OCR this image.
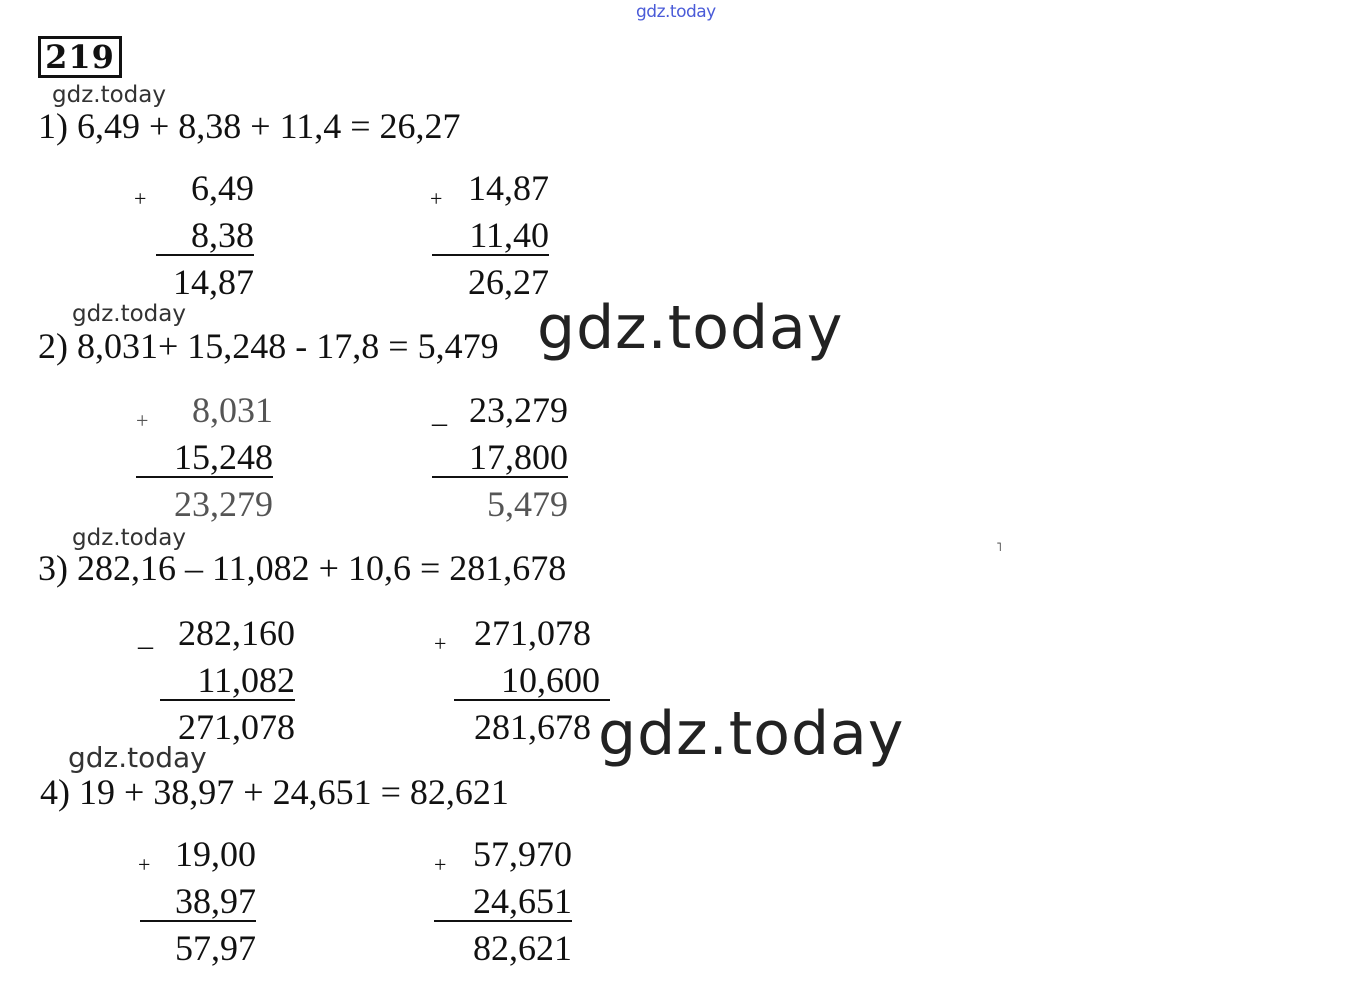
gdz.today
219
gdz.today
gdz.today
gdz.today
gdz.today
gdz.today
gdz.today
1) 6,49 + 8,38 + 11,4 = 26,27
+ 6,49
8,38
14,87
+ 14,87
11,40
26,27
2) 8,031+ 15,248 - 17,8 = 5,479
+ 8,031
15,248
23,279
_ 23,279
17,800
5,479
3) 282,16 – 11,082 + 10,6 = 281,678
_ 282,160
11,082
271,078
+ 271,078
10,600
281,678
4) 19 + 38,97 + 24,651 = 82,621
+ 19,00
38,97
57,97
+ 57,970
24,651
82,621
˥
